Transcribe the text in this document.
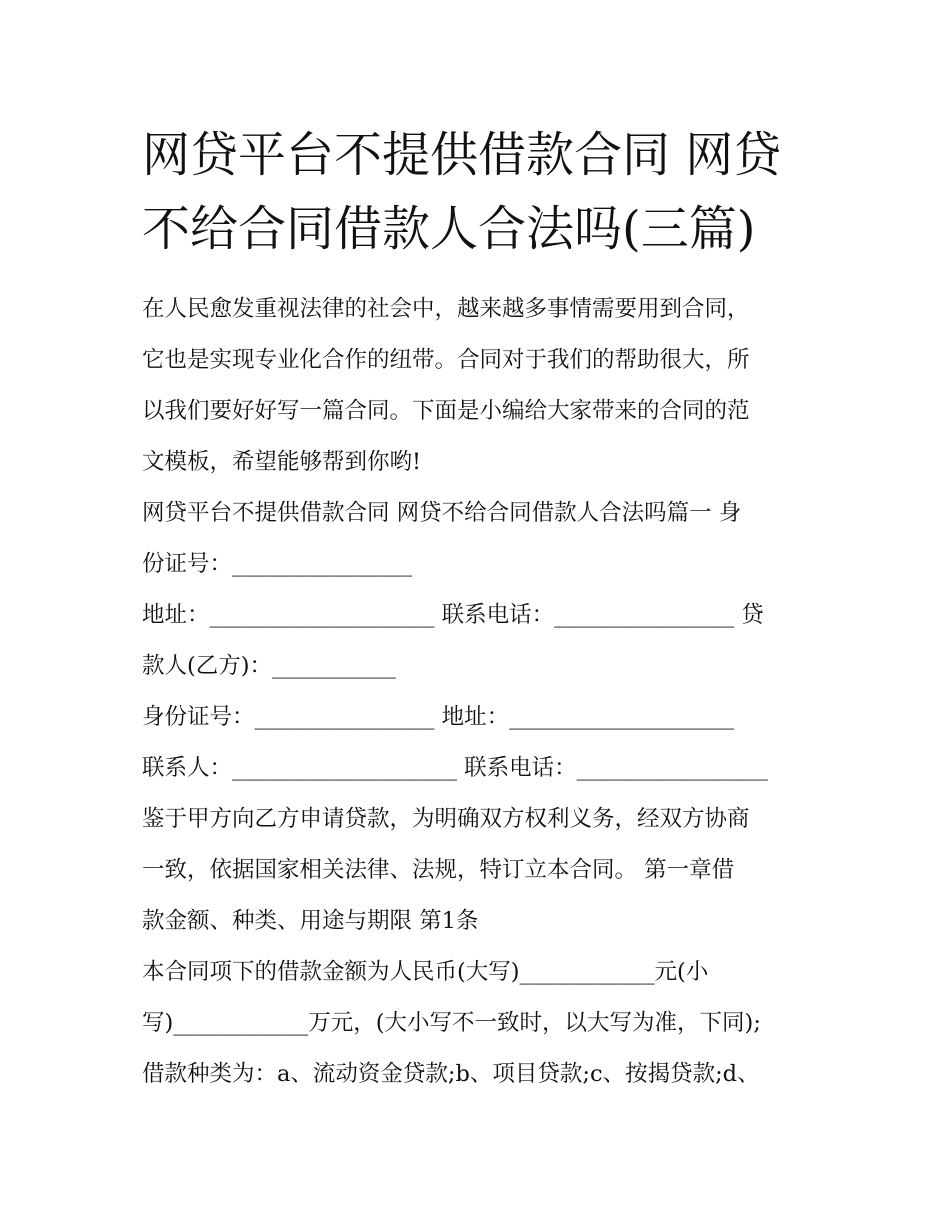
网贷平台不提供借款合同 网贷
不给合同借款人合法吗(三篇)
在人民愈发重视法律的社会中，越来越多事情需要用到合同，
它也是实现专业化合作的纽带。合同对于我们的帮助很大，所
以我们要好好写一篇合同。下面是小编给大家带来的合同的范
文模板，希望能够帮到你哟!
网贷平台不提供借款合同 网贷不给合同借款人合法吗篇一 身
份证号：________________
地址：____________________ 联系电话：________________ 贷
款人(乙方)：___________
身份证号：________________ 地址：____________________
联系人：____________________ 联系电话：_________________
鉴于甲方向乙方申请贷款，为明确双方权利义务，经双方协商
一致，依据国家相关法律、法规，特订立本合同。 第一章借
款金额、种类、用途与期限 第1条
本合同项下的借款金额为人民币(大写)____________元(小
写)____________万元，(大小写不一致时，以大写为准，下同);
借款种类为：a、流动资金贷款;b、项目贷款;c、按揭贷款;d、
